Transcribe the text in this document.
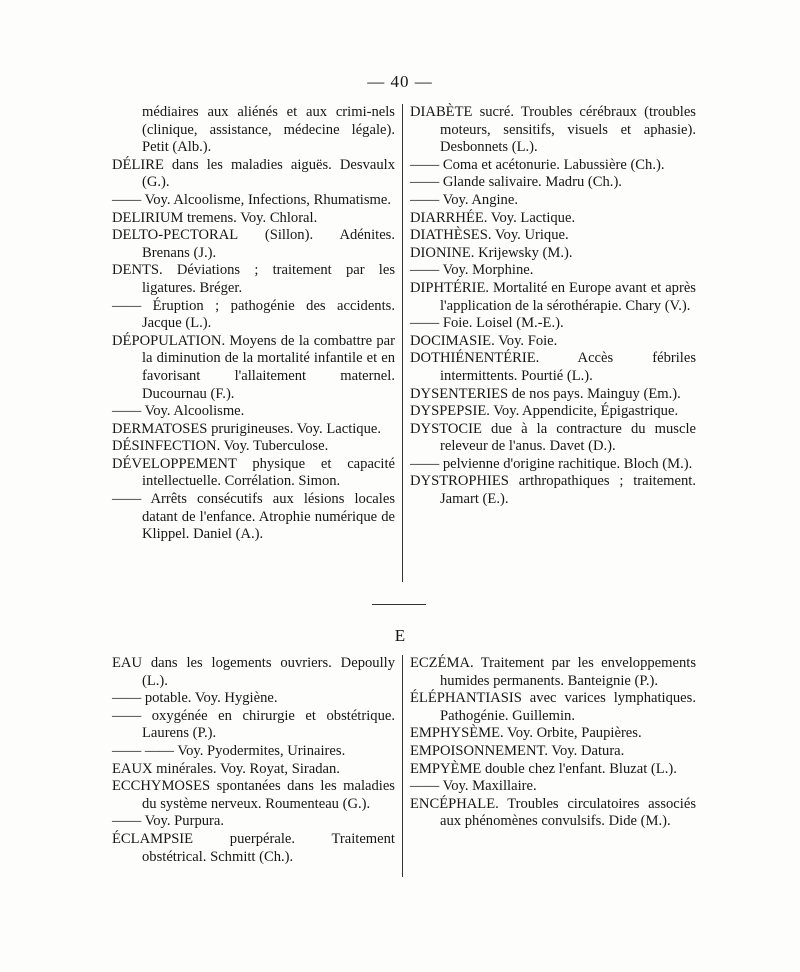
— 40 —
médiaires aux aliénés et aux crimi-nels (clinique, assistance, médecine légale). Petit (Alb.).
DÉLIRE dans les maladies aiguës. Desvaulx (G.).
—— Voy. Alcoolisme, Infections, Rhumatisme.
DELIRIUM tremens. Voy. Chloral.
DELTO-PECTORAL (Sillon). Adénites. Brenans (J.).
DENTS. Déviations ; traitement par les ligatures. Bréger.
—— Éruption ; pathogénie des accidents. Jacque (L.).
DÉPOPULATION. Moyens de la combattre par la diminution de la mortalité infantile et en favorisant l'allaitement maternel. Ducournau (F.).
—— Voy. Alcoolisme.
DERMATOSES prurigineuses. Voy. Lactique.
DÉSINFECTION. Voy. Tuberculose.
DÉVELOPPEMENT physique et capacité intellectuelle. Corrélation. Simon.
—— Arrêts consécutifs aux lésions locales datant de l'enfance. Atrophie numérique de Klippel. Daniel (A.).
DIABÈTE sucré. Troubles cérébraux (troubles moteurs, sensitifs, visuels et aphasie). Desbonnets (L.).
—— Coma et acétonurie. Labussière (Ch.).
—— Glande salivaire. Madru (Ch.).
—— Voy. Angine.
DIARRHÉE. Voy. Lactique.
DIATHÈSES. Voy. Urique.
DIONINE. Krijewsky (M.).
—— Voy. Morphine.
DIPHTÉRIE. Mortalité en Europe avant et après l'application de la sérothérapie. Chary (V.).
—— Foie. Loisel (M.-E.).
DOCIMASIE. Voy. Foie.
DOTHIÉNENTÉRIE. Accès fébriles intermittents. Pourtié (L.).
DYSENTERIES de nos pays. Mainguy (Em.).
DYSPEPSIE. Voy. Appendicite, Épigastrique.
DYSTOCIE due à la contracture du muscle releveur de l'anus. Davet (D.).
—— pelvienne d'origine rachitique. Bloch (M.).
DYSTROPHIES arthropathiques ; traitement. Jamart (E.).
E
EAU dans les logements ouvriers. Depoully (L.).
—— potable. Voy. Hygiène.
—— oxygénée en chirurgie et obstétrique. Laurens (P.).
—— —— Voy. Pyodermites, Urinaires.
EAUX minérales. Voy. Royat, Siradan.
ECCHYMOSES spontanées dans les maladies du système nerveux. Roumenteau (G.).
—— Voy. Purpura.
ÉCLAMPSIE puerpérale. Traitement obstétrical. Schmitt (Ch.).
ECZÉMA. Traitement par les enveloppements humides permanents. Banteignie (P.).
ÉLÉPHANTIASIS avec varices lymphatiques. Pathogénie. Guillemin.
EMPHYSÈME. Voy. Orbite, Paupières.
EMPOISONNEMENT. Voy. Datura.
EMPYÈME double chez l'enfant. Bluzat (L.).
—— Voy. Maxillaire.
ENCÉPHALE. Troubles circulatoires associés aux phénomènes convulsifs. Dide (M.).
